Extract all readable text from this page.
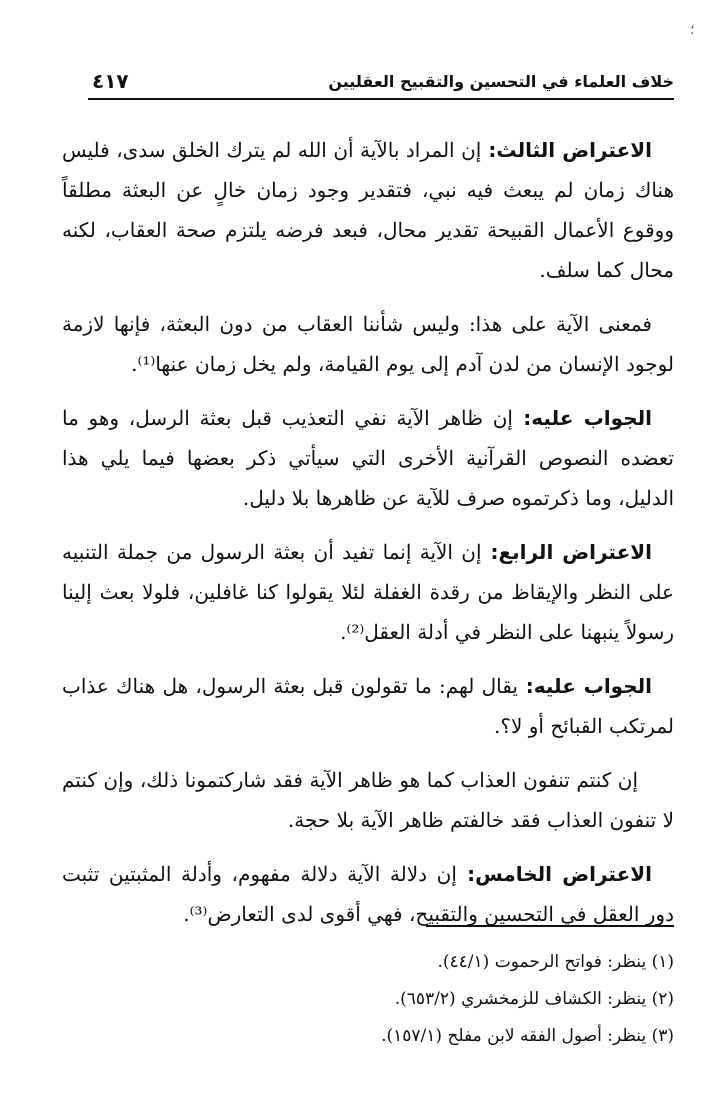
؛
خلاف العلماء في التحسين والتقبيح العقليين
٤١٧

الاعتراض الثالث: إن المراد بالآية أن الله لم يترك الخلق سدى، فليس هناك زمان لم يبعث فيه نبي، فتقدير وجود زمان خالٍ عن البعثة مطلقاً ووقوع الأعمال القبيحة تقدير محال، فبعد فرضه يلتزم صحة العقاب، لكنه محال كما سلف.

فمعنى الآية على هذا: وليس شأننا العقاب من دون البعثة، فإنها لازمة لوجود الإنسان من لدن آدم إلى يوم القيامة، ولم يخل زمان عنها⁽¹⁾.

الجواب عليه: إن ظاهر الآية نفي التعذيب قبل بعثة الرسل، وهو ما تعضده النصوص القرآنية الأخرى التي سيأتي ذكر بعضها فيما يلي هذا الدليل، وما ذكرتموه صرف للآية عن ظاهرها بلا دليل.

الاعتراض الرابع: إن الآية إنما تفيد أن بعثة الرسول من جملة التنبيه على النظر والإيقاظ من رقدة الغفلة لئلا يقولوا كنا غافلين، فلولا بعث إلينا رسولاً ينبهنا على النظر في أدلة العقل⁽²⁾.

الجواب عليه: يقال لهم: ما تقولون قبل بعثة الرسول، هل هناك عذاب لمرتكب القبائح أو لا؟.

إن كنتم تنفون العذاب كما هو ظاهر الآية فقد شاركتمونا ذلك، وإن كنتم لا تنفون العذاب فقد خالفتم ظاهر الآية بلا حجة.

الاعتراض الخامس: إن دلالة الآية دلالة مفهوم، وأدلة المثبتين تثبت دور العقل في التحسين والتقبيح، فهي أقوى لدى التعارض⁽³⁾.

(١) ينظر: فواتح الرحموت (٤٤/١).

(٢) ينظر: الكشاف للزمخشري (٦٥٣/٢).

(٣) ينظر: أصول الفقه لابن مفلح (١٥٧/١).
